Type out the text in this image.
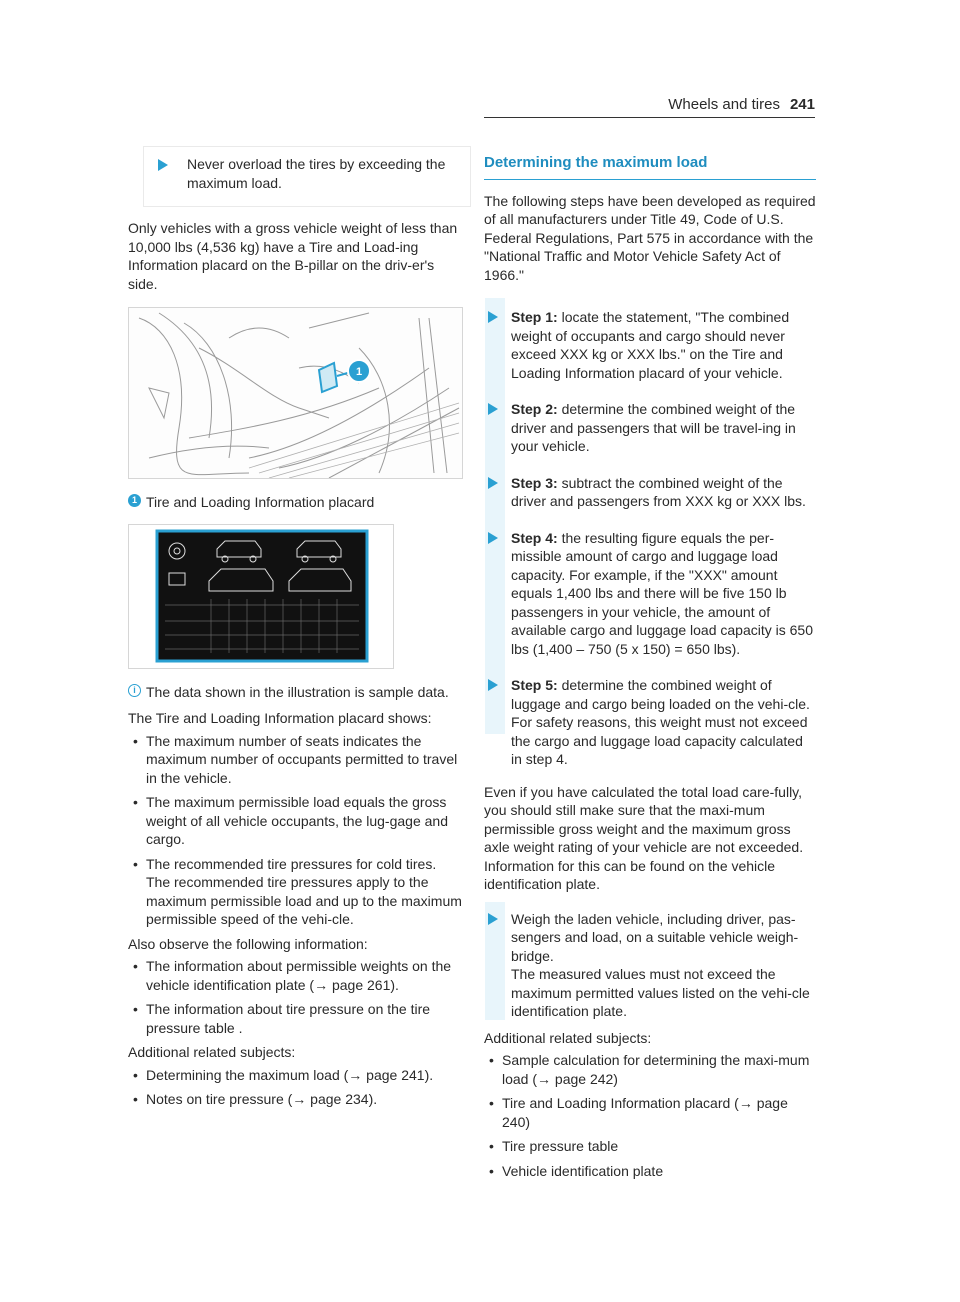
Wheels and tires 241

Never overload the tires by exceeding the maximum load.

Only vehicles with a gross vehicle weight of less than 10,000 lbs (4,536 kg) have a Tire and Load-ing Information placard on the B-pillar on the driv-er's side.

1
1 Tire and Loading Information placard
i The data shown in the illustration is sample data.

The Tire and Loading Information placard shows:

• The maximum number of seats indicates the maximum number of occupants permitted to travel in the vehicle.
• The maximum permissible load equals the gross weight of all vehicle occupants, the lug-gage and cargo.
• The recommended tire pressures for cold tires. The recommended tire pressures apply to the maximum permissible load and up to the maximum permissible speed of the vehi-cle.

Also observe the following information:

• The information about permissible weights on the vehicle identification plate (→ page 261).
• The information about tire pressure on the tire pressure table .

Additional related subjects:

• Determining the maximum load (→ page 241).
• Notes on tire pressure (→ page 234).

Determining the maximum load

The following steps have been developed as required of all manufacturers under Title 49, Code of U.S. Federal Regulations, Part 575 in accordance with the "National Traffic and Motor Vehicle Safety Act of 1966."

Step 1: locate the statement, "The combined weight of occupants and cargo should never exceed XXX kg or XXX lbs." on the Tire and Loading Information placard of your vehicle.

Step 2: determine the combined weight of the driver and passengers that will be travel-ing in your vehicle.

Step 3: subtract the combined weight of the driver and passengers from XXX kg or XXX lbs.

Step 4: the resulting figure equals the per-missible amount of cargo and luggage load capacity. For example, if the "XXX" amount equals 1,400 lbs and there will be five 150 lb passengers in your vehicle, the amount of available cargo and luggage load capacity is 650 lbs (1,400 – 750 (5 x 150) = 650 lbs).

Step 5: determine the combined weight of luggage and cargo being loaded on the vehi-cle. For safety reasons, this weight must not exceed the cargo and luggage load capacity calculated in step 4.

Even if you have calculated the total load care-fully, you should still make sure that the maxi-mum permissible gross weight and the maximum gross axle weight rating of your vehicle are not exceeded. Information for this can be found on the vehicle identification plate.

Weigh the laden vehicle, including driver, pas-sengers and load, on a suitable vehicle weigh-bridge.

The measured values must not exceed the maximum permitted values listed on the vehi-cle identification plate.

Additional related subjects:

• Sample calculation for determining the maxi-mum load (→ page 242)
• Tire and Loading Information placard (→ page 240)
• Tire pressure table
• Vehicle identification plate
